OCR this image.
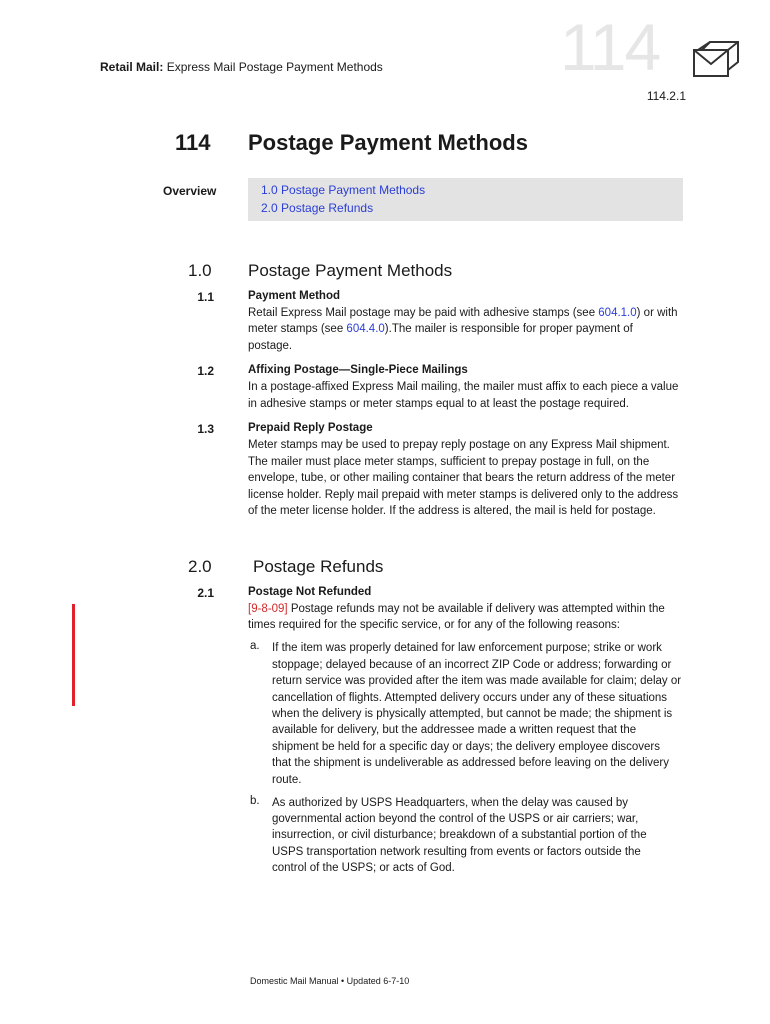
114
Retail Mail: Express Mail Postage Payment Methods
114.2.1
114 Postage Payment Methods
Overview	1.0 Postage Payment Methods
2.0 Postage Refunds
1.0 Postage Payment Methods
1.1	Payment Method
Retail Express Mail postage may be paid with adhesive stamps (see 604.1.0) or with
meter stamps (see 604.4.0).The mailer is responsible for proper payment of
postage.
1.2	Affixing Postage—Single-Piece Mailings
In a postage-affixed Express Mail mailing, the mailer must affix to each piece a value
in adhesive stamps or meter stamps equal to at least the postage required.
1.3	Prepaid Reply Postage
Meter stamps may be used to prepay reply postage on any Express Mail shipment.
The mailer must place meter stamps, sufficient to prepay postage in full, on the
envelope, tube, or other mailing container that bears the return address of the meter
license holder. Reply mail prepaid with meter stamps is delivered only to the address
of the meter license holder. If the address is altered, the mail is held for postage.
2.0 Postage Refunds
2.1	Postage Not Refunded
[9-8-09] Postage refunds may not be available if delivery was attempted within the
times required for the specific service, or for any of the following reasons:
a. If the item was properly detained for law enforcement purpose; strike or work
stoppage; delayed because of an incorrect ZIP Code or address; forwarding or
return service was provided after the item was made available for claim; delay or
cancellation of flights. Attempted delivery occurs under any of these situations
when the delivery is physically attempted, but cannot be made; the shipment is
available for delivery, but the addressee made a written request that the
shipment be held for a specific day or days; the delivery employee discovers
that the shipment is undeliverable as addressed before leaving on the delivery
route.
b. As authorized by USPS Headquarters, when the delay was caused by
governmental action beyond the control of the USPS or air carriers; war,
insurrection, or civil disturbance; breakdown of a substantial portion of the
USPS transportation network resulting from events or factors outside the
control of the USPS; or acts of God.
Domestic Mail Manual • Updated 6-7-10
